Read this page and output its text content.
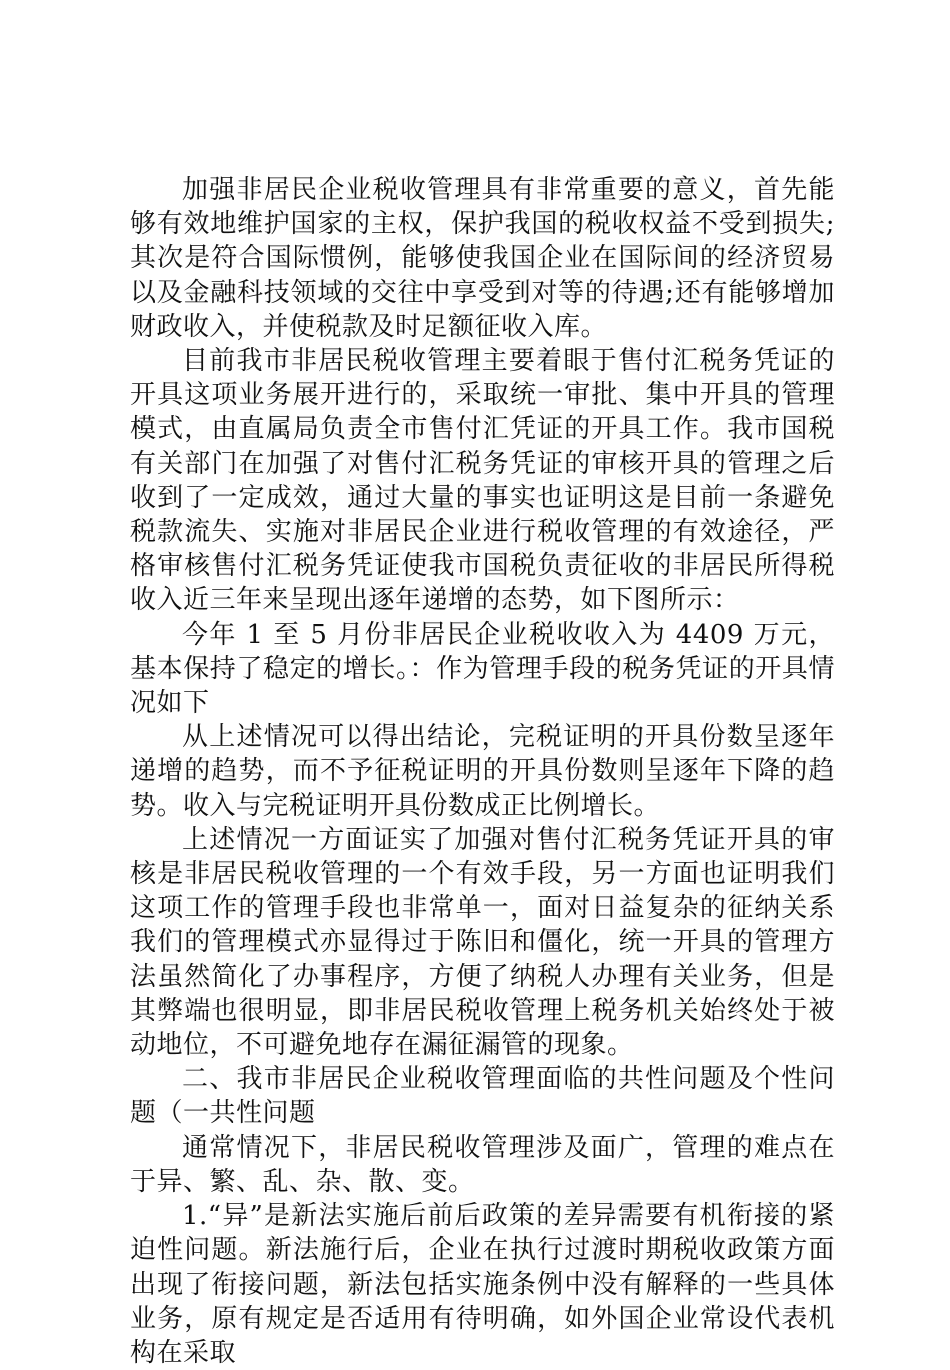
加强非居民企业税收管理具有非常重要的意义，首先能够有效地维护国家的主权，保护我国的税收权益不受到损失;其次是符合国际惯例，能够使我国企业在国际间的经济贸易以及金融科技领域的交往中享受到对等的待遇;还有能够增加财政收入，并使税款及时足额征收入库。

目前我市非居民税收管理主要着眼于售付汇税务凭证的开具这项业务展开进行的，采取统一审批、集中开具的管理模式，由直属局负责全市售付汇凭证的开具工作。我市国税有关部门在加强了对售付汇税务凭证的审核开具的管理之后收到了一定成效，通过大量的事实也证明这是目前一条避免税款流失、实施对非居民企业进行税收管理的有效途径，严格审核售付汇税务凭证使我市国税负责征收的非居民所得税收入近三年来呈现出逐年递增的态势，如下图所示：

今年 1 至 5 月份非居民企业税收收入为 4409 万元，基本保持了稳定的增长。：作为管理手段的税务凭证的开具情况如下

从上述情况可以得出结论，完税证明的开具份数呈逐年递增的趋势，而不予征税证明的开具份数则呈逐年下降的趋势。收入与完税证明开具份数成正比例增长。

上述情况一方面证实了加强对售付汇税务凭证开具的审核是非居民税收管理的一个有效手段，另一方面也证明我们这项工作的管理手段也非常单一，面对日益复杂的征纳关系我们的管理模式亦显得过于陈旧和僵化，统一开具的管理方法虽然简化了办事程序，方便了纳税人办理有关业务，但是其弊端也很明显，即非居民税收管理上税务机关始终处于被动地位，不可避免地存在漏征漏管的现象。

二、我市非居民企业税收管理面临的共性问题及个性问题（一共性问题

通常情况下，非居民税收管理涉及面广，管理的难点在于异、繁、乱、杂、散、变。

1.“异”是新法实施后前后政策的差异需要有机衔接的紧迫性问题。新法施行后，企业在执行过渡时期税收政策方面出现了衔接问题，新法包括实施条例中没有解释的一些具体业务，原有规定是否适用有待明确，如外国企业常设代表机构在采取
